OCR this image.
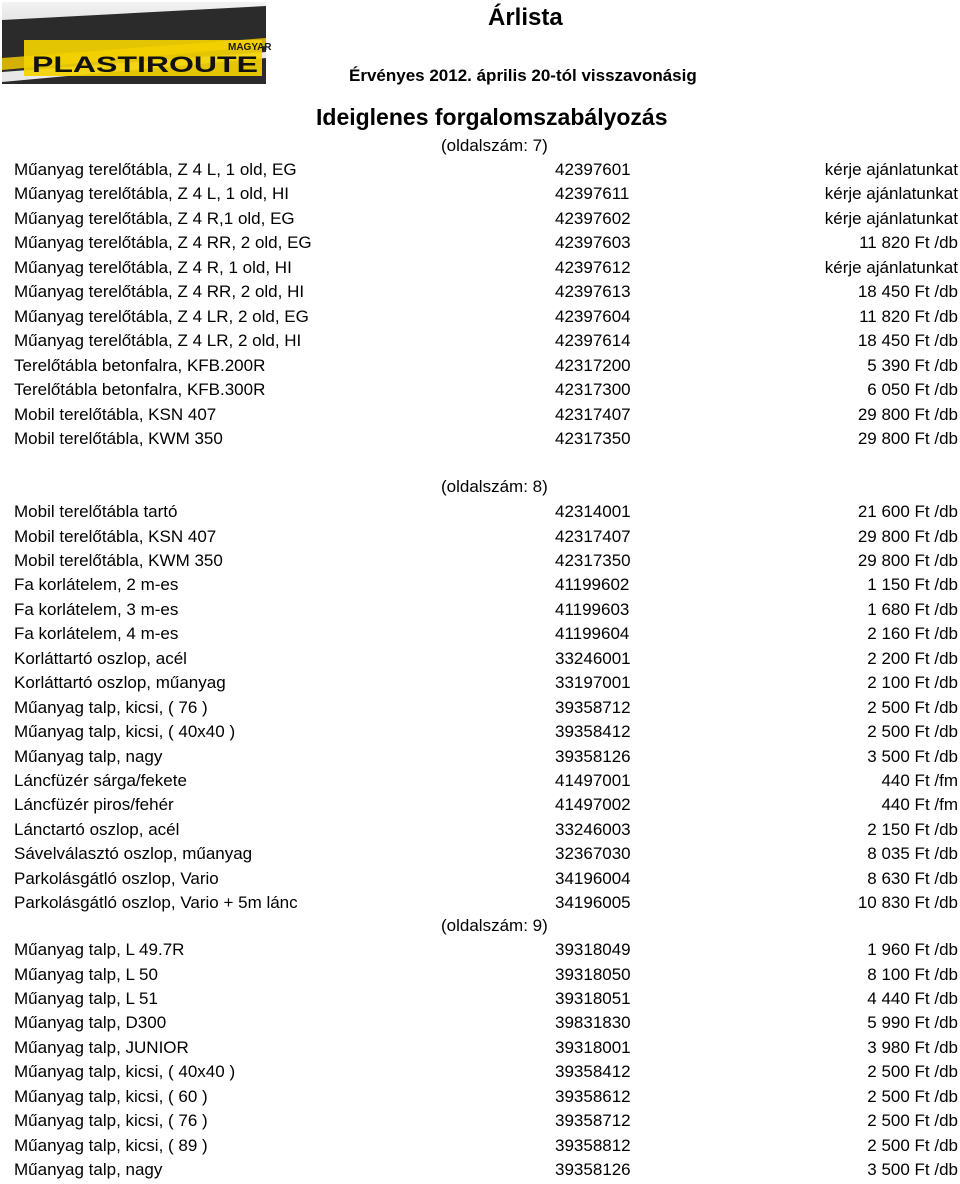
MAGYAR
PLASTIROUTE
Árlista
Érvényes 2012. április 20-tól visszavonásig
Ideiglenes forgalomszabályozás
(oldalszám: 7)
Műanyag terelőtábla, Z 4 L, 1 old, EG	42397601	kérje ajánlatunkat
Műanyag terelőtábla, Z 4 L, 1 old, HI	42397611	kérje ajánlatunkat
Műanyag terelőtábla, Z 4 R,1 old, EG	42397602	kérje ajánlatunkat
Műanyag terelőtábla, Z 4 RR, 2 old, EG	42397603	11 820 Ft /db
Műanyag terelőtábla, Z 4 R, 1 old, HI	42397612	kérje ajánlatunkat
Műanyag terelőtábla, Z 4 RR, 2 old, HI	42397613	18 450 Ft /db
Műanyag terelőtábla, Z 4 LR, 2 old, EG	42397604	11 820 Ft /db
Műanyag terelőtábla, Z 4 LR, 2 old, HI	42397614	18 450 Ft /db
Terelőtábla betonfalra, KFB.200R	42317200	5 390 Ft /db
Terelőtábla betonfalra, KFB.300R	42317300	6 050 Ft /db
Mobil terelőtábla, KSN 407	42317407	29 800 Ft /db
Mobil terelőtábla, KWM 350	42317350	29 800 Ft /db
(oldalszám: 8)
Mobil terelőtábla tartó	42314001	21 600 Ft /db
Mobil terelőtábla, KSN 407	42317407	29 800 Ft /db
Mobil terelőtábla, KWM 350	42317350	29 800 Ft /db
Fa korlátelem, 2 m-es	41199602	1 150 Ft /db
Fa korlátelem, 3 m-es	41199603	1 680 Ft /db
Fa korlátelem, 4 m-es	41199604	2 160 Ft /db
Korláttartó oszlop, acél	33246001	2 200 Ft /db
Korláttartó oszlop, műanyag	33197001	2 100 Ft /db
Műanyag talp, kicsi, ( 76 )	39358712	2 500 Ft /db
Műanyag talp, kicsi, ( 40x40 )	39358412	2 500 Ft /db
Műanyag talp, nagy	39358126	3 500 Ft /db
Láncfüzér sárga/fekete	41497001	440 Ft /fm
Láncfüzér piros/fehér	41497002	440 Ft /fm
Lánctartó oszlop, acél	33246003	2 150 Ft /db
Sávelválasztó oszlop, műanyag	32367030	8 035 Ft /db
Parkolásgátló oszlop, Vario	34196004	8 630 Ft /db
Parkolásgátló oszlop, Vario + 5m lánc	34196005	10 830 Ft /db
(oldalszám: 9)
Műanyag talp, L 49.7R	39318049	1 960 Ft /db
Műanyag talp, L 50	39318050	8 100 Ft /db
Műanyag talp, L 51	39318051	4 440 Ft /db
Műanyag talp, D300	39831830	5 990 Ft /db
Műanyag talp, JUNIOR	39318001	3 980 Ft /db
Műanyag talp, kicsi, ( 40x40 )	39358412	2 500 Ft /db
Műanyag talp, kicsi, ( 60 )	39358612	2 500 Ft /db
Műanyag talp, kicsi, ( 76 )	39358712	2 500 Ft /db
Műanyag talp, kicsi, ( 89 )	39358812	2 500 Ft /db
Műanyag talp, nagy	39358126	3 500 Ft /db
